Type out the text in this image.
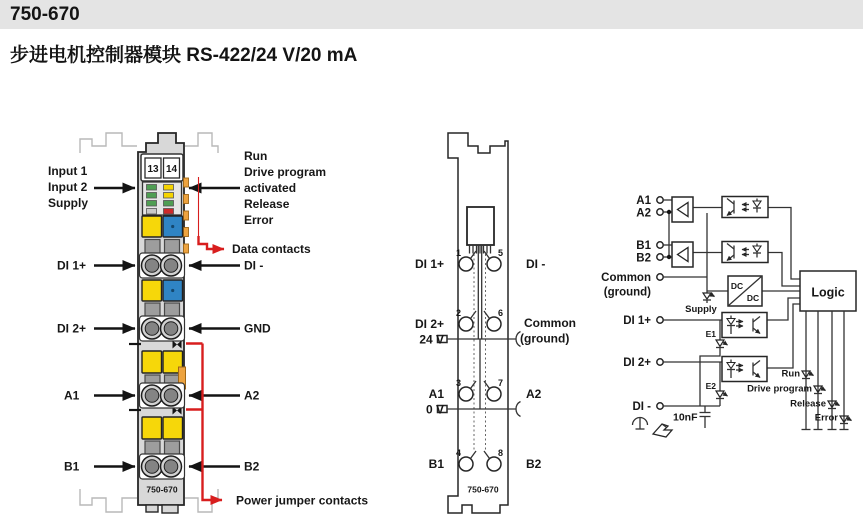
750-670
步进电机控制器模块 RS-422/24 V/20 mA
13 14
750-670
Input 1
Input 2
Supply
DI 1+
DI 2+
A1
B1
Run
Drive program
activated
Release
Error
Data contacts
DI -
GND
A2
B2
Power jumper contacts
1	5
2	6
3	7
4	8
DI 1+	DI -
DI 2+
24 V
Common
(ground)
A1
0 V
A2
B1	B2
750-670
Supply
DC
DC
E1
E2
10nF
Logic
A1
A2
B1
B2
Common
(ground)
DI 1+
DI 2+
DI -
Run
Drive program
Release
Error
